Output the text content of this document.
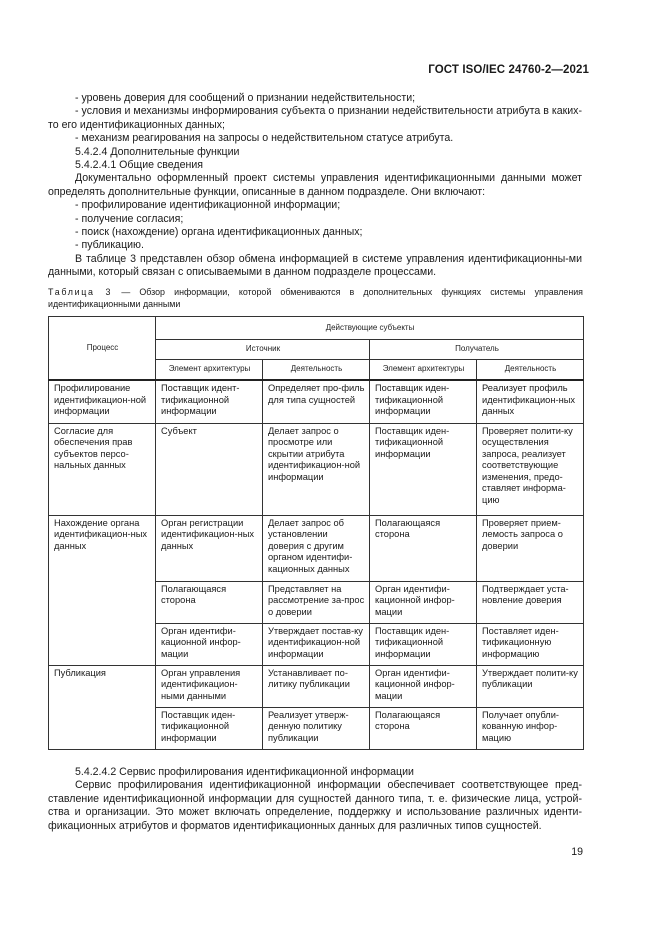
ГОСТ ISO/IEC 24760-2—2021

- уровень доверия для сообщений о признании недействительности;

- условия и механизмы информирования субъекта о признании недействительности атрибута в каких-то его идентификационных данных;

- механизм реагирования на запросы о недействительном статусе атрибута.

5.4.2.4 Дополнительные функции

5.4.2.4.1 Общие сведения

Документально оформленный проект системы управления идентификационными данными может определять дополнительные функции, описанные в данном подразделе. Они включают:

- профилирование идентификационной информации;

- получение согласия;

- поиск (нахождение) органа идентификационных данных;

- публикацию.

В таблице 3 представлен обзор обмена информацией в системе управления идентификационны-ми данными, который связан с описываемыми в данном подразделе процессами.

Таблица 3 — Обзор информации, которой обмениваются в дополнительных функциях системы управления идентификационными данными
Процесс	Действующие субъекты			
	Источник		Получатель	
	Элемент архитектуры	Деятельность	Элемент архитектуры	Деятельность
Профилирование идентификацион-ной информации	Поставщик идент-тификационной информации	Определяет про-филь для типа сущностей	Поставщик иден-тификационной информации	Реализует профиль идентификацион-ных данных
Согласие для обеспечения прав субъектов персо-нальных данных	Субъект	Делает запрос о просмотре или скрытии атрибута идентификацион-ной информации	Поставщик иден-тификационной информации	Проверяет полити-ку осуществления запроса, реализует соответствующие изменения, предо-ставляет информа-цию
Нахождение органа идентификацион-ных данных	Орган регистрации идентификацион-ных данных	Делает запрос об установлении доверия с другим органом идентифи-кационных данных	Полагающаяся сторона	Проверяет прием-лемость запроса о доверии
	Полагающаяся сторона	Представляет на рассмотрение за-прос о доверии	Орган идентифи-кационной инфор-мации	Подтверждает уста-новление доверия
	Орган идентифи-кационной инфор-мации	Утверждает постав-ку идентификацион-ной информации	Поставщик иден-тификационной информации	Поставляет иден-тификационную информацию
Публикация	Орган управления идентификацион-ными данными	Устанавливает по-литику публикации	Орган идентифи-кационной инфор-мации	Утверждает полити-ку публикации
	Поставщик иден-тификационной информации	Реализует утверж-денную политику публикации	Полагающаяся сторона	Получает опубли-кованную инфор-мацию

5.4.2.4.2 Сервис профилирования идентификационной информации

Сервис профилирования идентификационной информации обеспечивает соответствующее пред-ставление идентификационной информации для сущностей данного типа, т. е. физические лица, устрой-ства и организации. Это может включать определение, поддержку и использование различных иденти-фикационных атрибутов и форматов идентификационных данных для различных типов сущностей.

19
